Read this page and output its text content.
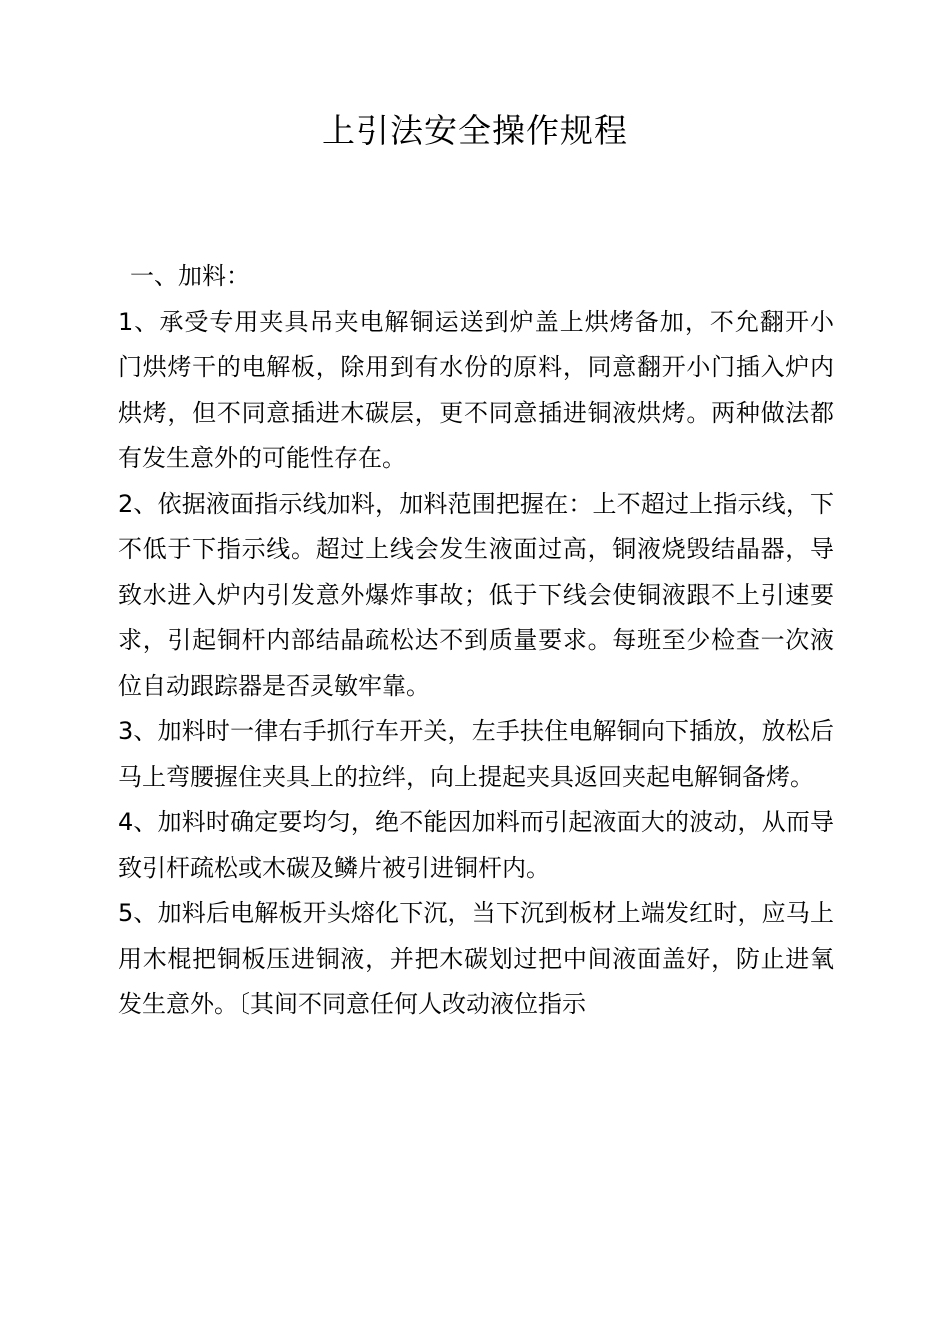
上引法安全操作规程
一、加料：

1、承受专用夹具吊夹电解铜运送到炉盖上烘烤备加，不允翻开小 门烘烤干的电解板，除用到有水份的原料，同意翻开小门插入炉内烘烤，但不同意插进木碳层，更不同意插进铜液烘烤。两种做法都有发生意外的可能性存在。

2、依据液面指示线加料，加料范围把握在：上不超过上指示线，下不低于下指示线。超过上线会发生液面过高，铜液烧毁结晶器，导致水进入炉内引发意外爆炸事故；低于下线会使铜液跟不上引速要求，引起铜杆内部结晶疏松达不到质量要求。每班至少检查一次液位自动跟踪器是否灵敏牢靠。

3、加料时一律右手抓行车开关，左手扶住电解铜向下插放，放松后马上弯腰握住夹具上的拉绊，向上提起夹具返回夹起电解铜备烤。

4、加料时确定要均匀，绝不能因加料而引起液面大的波动，从而导致引杆疏松或木碳及鳞片被引进铜杆内。

5、加料后电解板开头熔化下沉，当下沉到板材上端发红时，应马上用木棍把铜板压进铜液，并把木碳划过把中间液面盖好，防止进氧发生意外。〔其间不同意任何人改动液位指示
